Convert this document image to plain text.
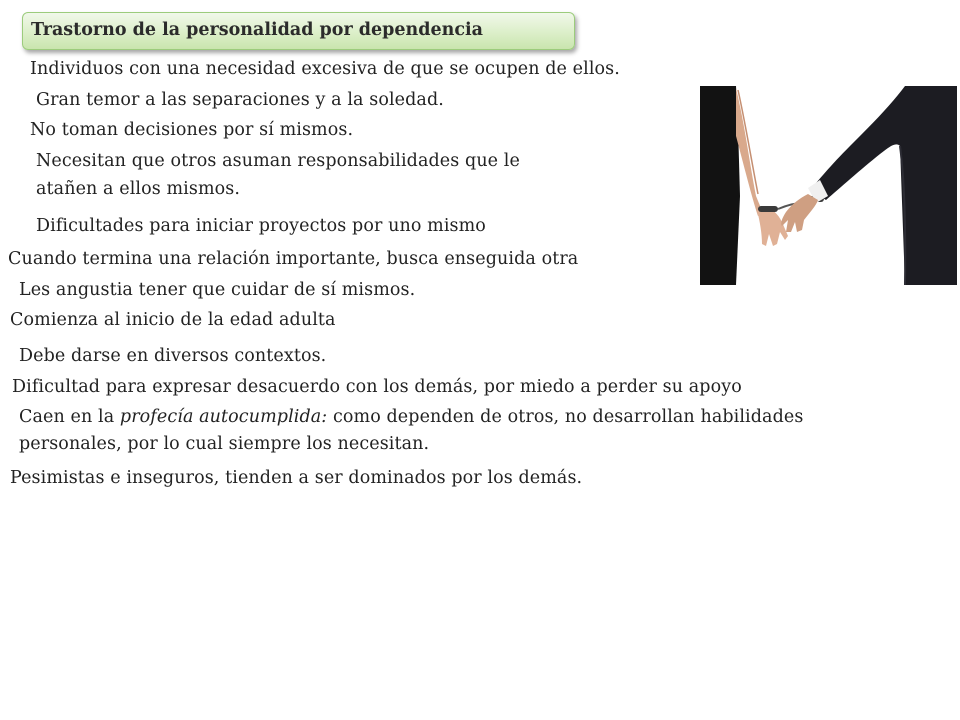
Trastorno de la personalidad por dependencia
Individuos con una necesidad excesiva de que se ocupen de ellos.
Gran temor a las separaciones y a la soledad.
No toman decisiones por sí mismos.
Necesitan que otros asuman responsabilidades que le
atañen a ellos mismos.
Dificultades para iniciar proyectos por uno mismo
Cuando termina una relación importante, busca enseguida otra
Les angustia tener que cuidar de sí mismos.
Comienza al inicio de la edad adulta
Debe darse en diversos contextos.
Dificultad para expresar desacuerdo con los demás, por miedo a perder su apoyo
Caen en la profecía autocumplida: como dependen de otros, no desarrollan habilidades
personales, por lo cual siempre los necesitan.
Pesimistas e inseguros, tienden a ser dominados por los demás.
